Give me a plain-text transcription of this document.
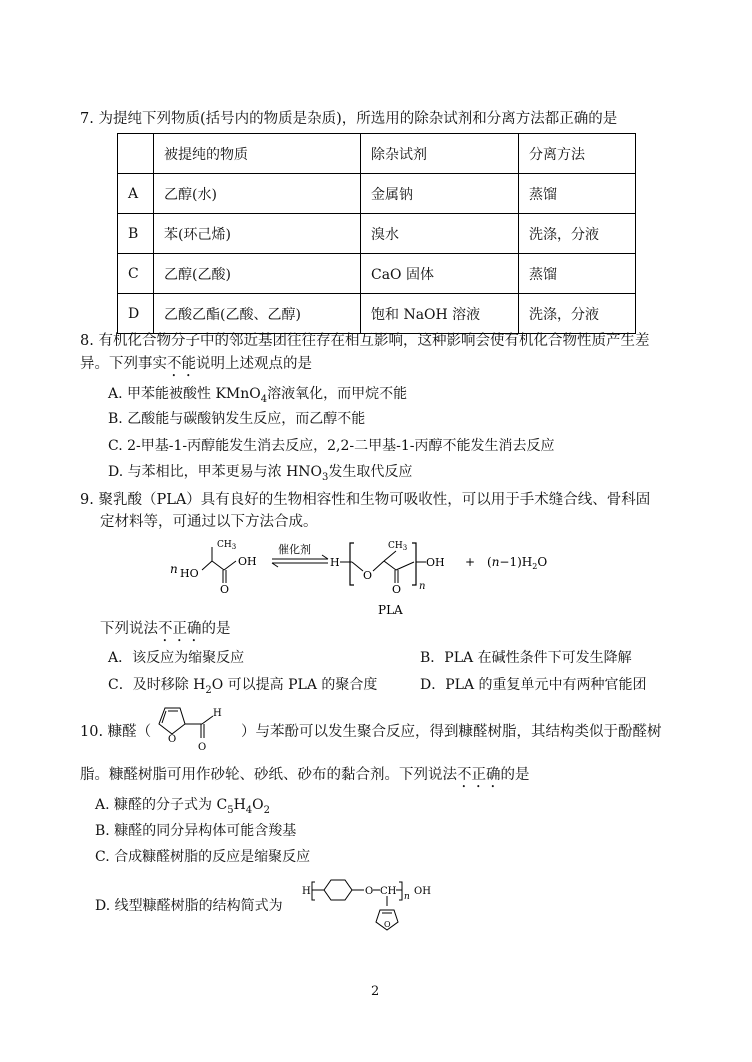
7. 为提纯下列物质(括号内的物质是杂质)，所选用的除杂试剂和分离方法都正确的是
	被提纯的物质	除杂试剂	分离方法
A	乙醇(水)	金属钠	蒸馏
B	苯(环己烯)	溴水	洗涤，分液
C	乙醇(乙酸)	CaO 固体	蒸馏
D	乙酸乙酯(乙酸、乙醇)	饱和 NaOH 溶液	洗涤，分液
8. 有机化合物分子中的邻近基团往往存在相互影响，这种影响会使有机化合物性质产生差
异。下列事实不能说明上述观点的是
A. 甲苯能被酸性 KMnO$_4$溶液氧化，而甲烷不能
B. 乙酸能与碳酸钠发生反应，而乙醇不能
C. 2-甲基-1-丙醇能发生消去反应，2,2-二甲基-1-丙醇不能发生消去反应
D. 与苯相比，甲苯更易与浓 $HNO_3$发生取代反应
9. 聚乳酸（PLA）具有良好的生物相容性和生物可吸收性，可以用于手术缝合线、骨科固
定材料等，可通过以下方法合成。
n HO
$CH_3$
OH
O
催化剂
H
O
$CH_3$
O n
OH + $(n-1)H_2O$
PLA
下列说法不正确的是
A．该反应为缩聚反应	B．PLA 在碱性条件下可发生降解
C．及时移除 $H_2O$ 可以提高 PLA 的聚合度	D．PLA 的重复单元中有两种官能团
10. 糠醛（ O
H
O
）与苯酚可以发生聚合反应，得到糠醛树脂，其结构类似于酚醛树
脂。糠醛树脂可用作砂轮、砂纸、砂布的黏合剂。下列说法不正确的是
A. 糠醛的分子式为 $C_5H_4O_2$
B. 糠醛的同分异构体可能含羧基
C. 合成糠醛树脂的反应是缩聚反应
D. 线型糠醛树脂的结构简式为
H	O CH n OH
O
2
